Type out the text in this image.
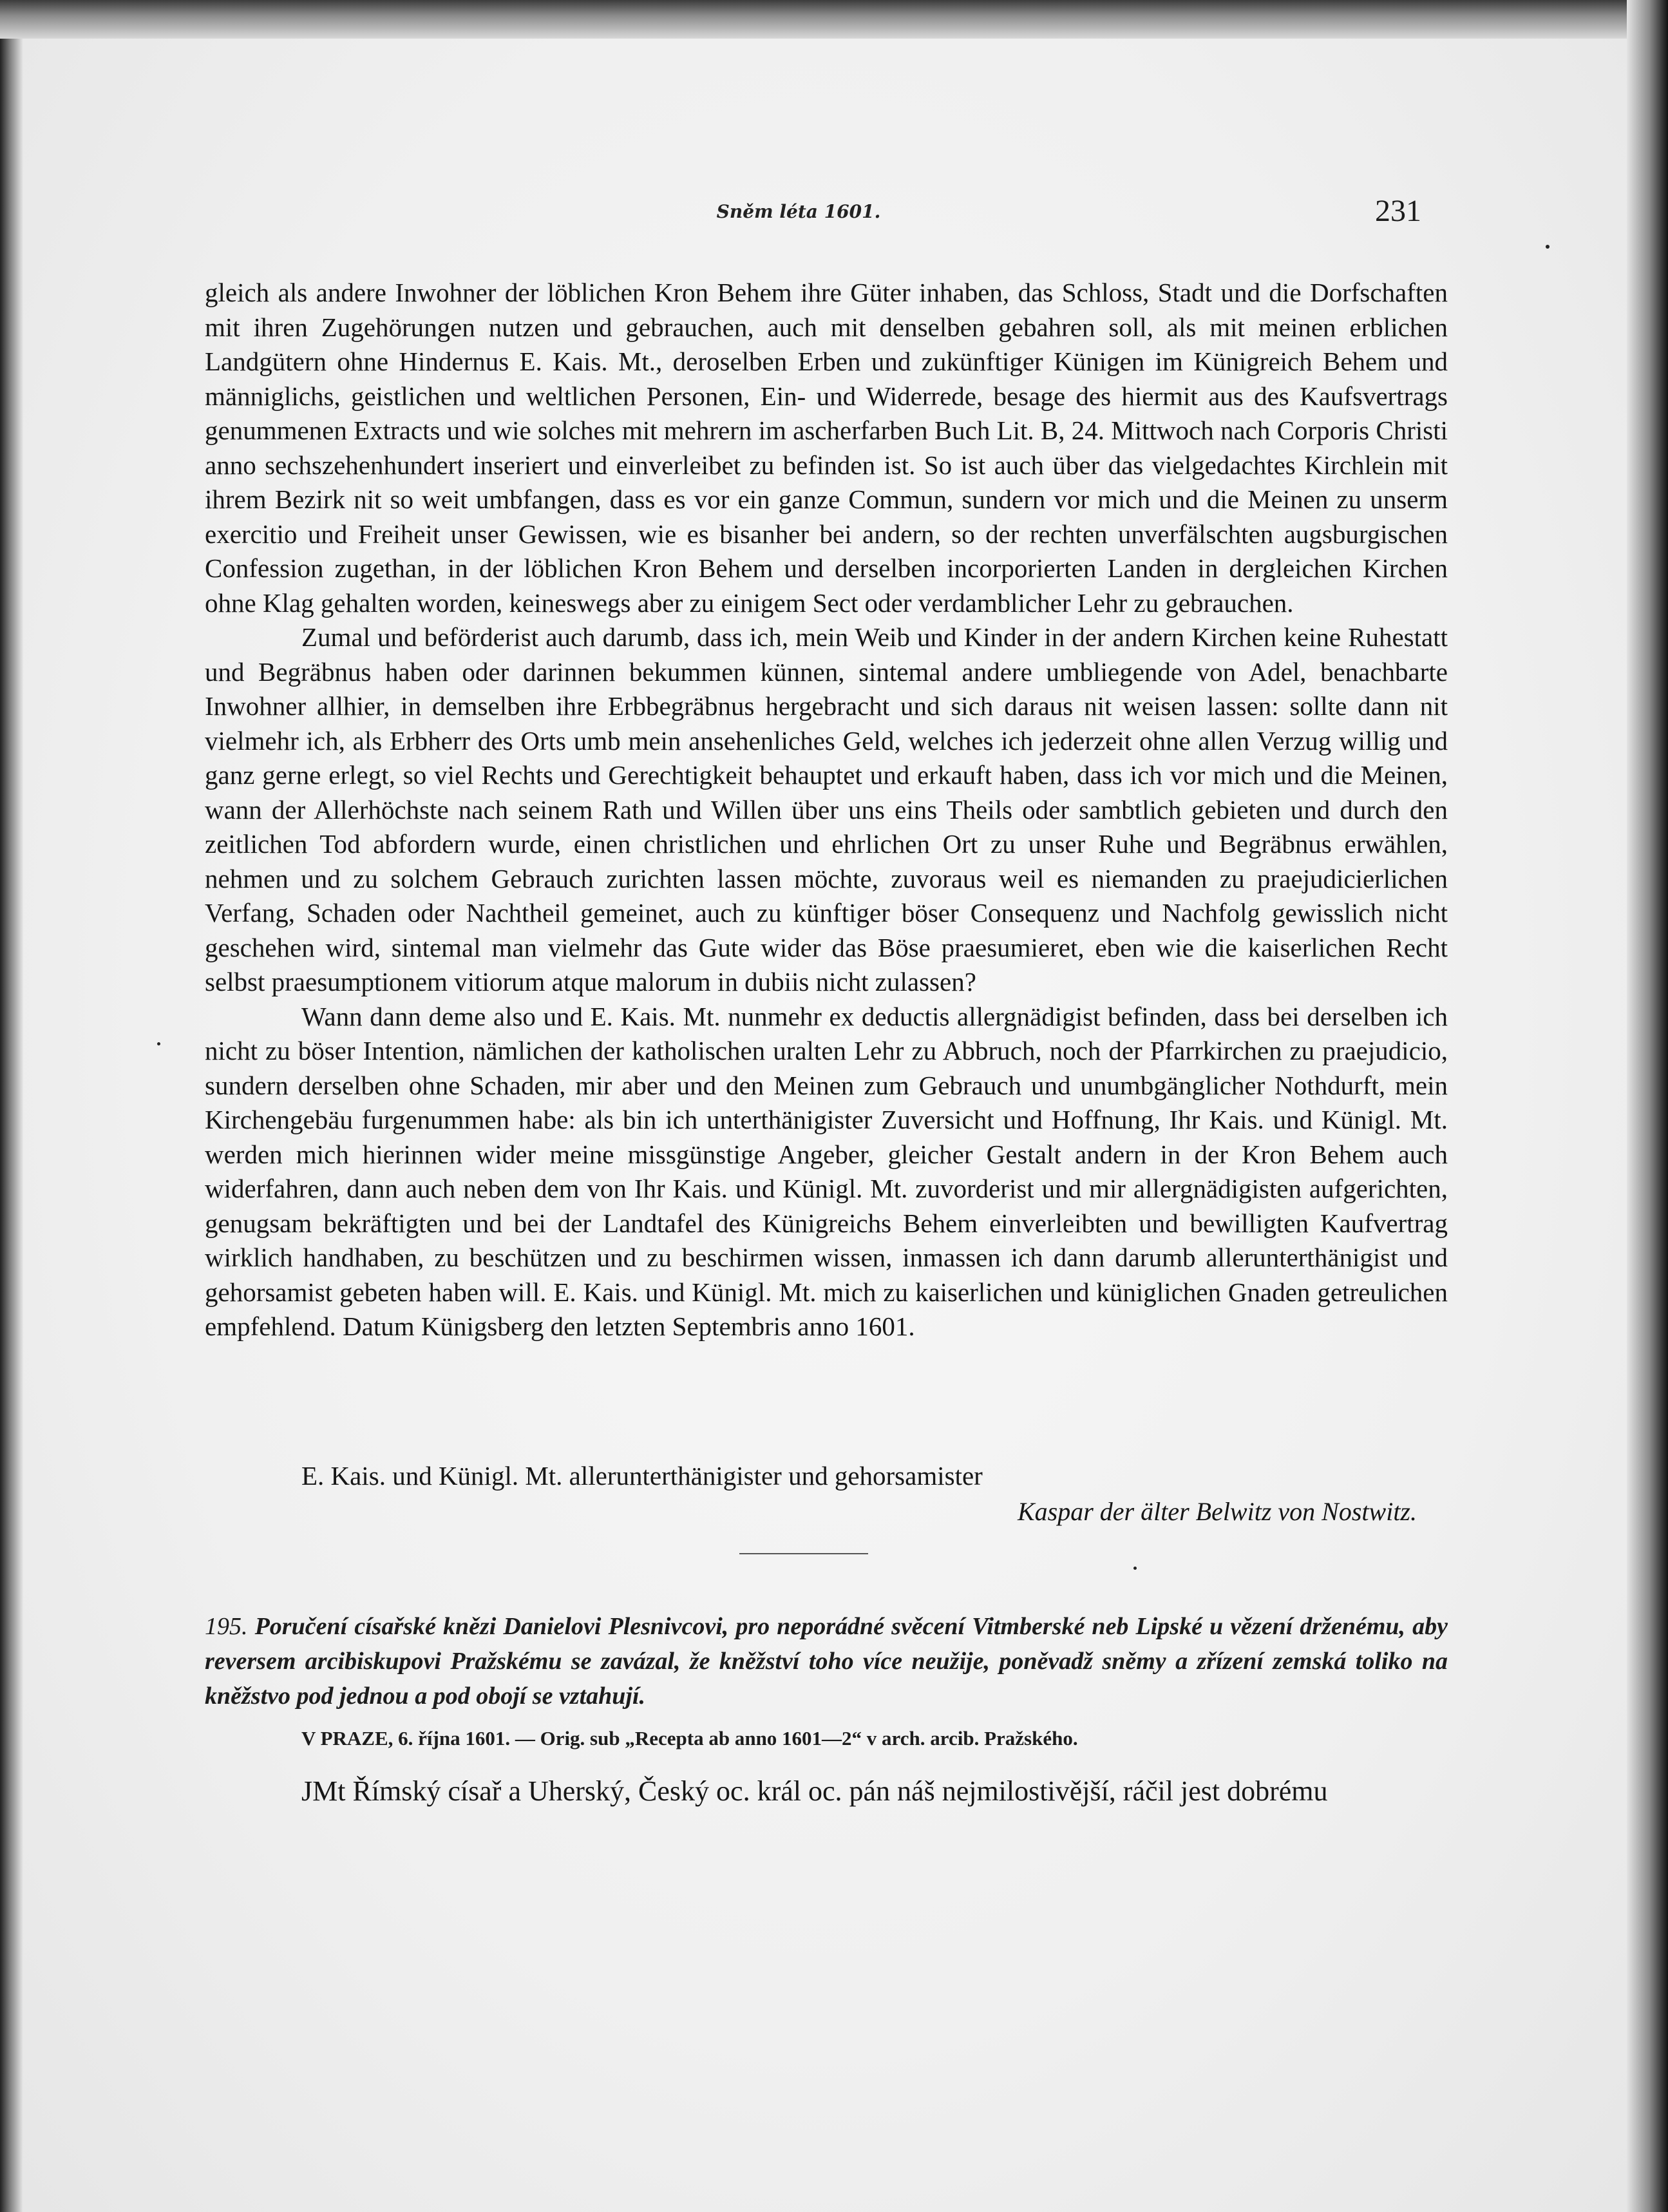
Sněm léta 1601.	231

gleich als andere Inwohner der löblichen Kron Behem ihre Güter inhaben, das Schloss, Stadt und die Dorfschaften mit ihren Zugehörungen nutzen und gebrauchen, auch mit denselben gebahren soll, als mit meinen erblichen Landgütern ohne Hindernus E. Kais. Mt., deroselben Erben und zukünftiger Künigen im Künigreich Behem und männiglichs, geistlichen und weltlichen Personen, Ein- und Widerrede, besage des hiermit aus des Kaufsvertrags genummenen Extracts und wie solches mit mehrern im ascherfarben Buch Lit. B, 24. Mittwoch nach Corporis Christi anno sechszehenhundert inseriert und einverleibet zu befinden ist. So ist auch über das vielgedachtes Kirchlein mit ihrem Bezirk nit so weit umbfangen, dass es vor ein ganze Commun, sundern vor mich und die Meinen zu unserm exercitio und Freiheit unser Gewissen, wie es bisanher bei andern, so der rechten unverfälschten augsburgischen Confession zugethan, in der löblichen Kron Behem und derselben incorporierten Landen in dergleichen Kirchen ohne Klag gehalten worden, keineswegs aber zu einigem Sect oder verdamblicher Lehr zu gebrauchen.

Zumal und beförderist auch darumb, dass ich, mein Weib und Kinder in der andern Kirchen keine Ruhestatt und Begräbnus haben oder darinnen bekummen künnen, sintemal andere umbliegende von Adel, benachbarte Inwohner allhier, in demselben ihre Erbbegräbnus hergebracht und sich daraus nit weisen lassen: sollte dann nit vielmehr ich, als Erbherr des Orts umb mein ansehenliches Geld, welches ich jederzeit ohne allen Verzug willig und ganz gerne erlegt, so viel Rechts und Gerechtigkeit behauptet und erkauft haben, dass ich vor mich und die Meinen, wann der Allerhöchste nach seinem Rath und Willen über uns eins Theils oder sambtlich gebieten und durch den zeitlichen Tod abfordern wurde, einen christlichen und ehrlichen Ort zu unser Ruhe und Begräbnus erwählen, nehmen und zu solchem Gebrauch zurichten lassen möchte, zuvoraus weil es niemanden zu praejudicierlichen Verfang, Schaden oder Nachtheil gemeinet, auch zu künftiger böser Consequenz und Nachfolg gewisslich nicht geschehen wird, sintemal man vielmehr das Gute wider das Böse praesumieret, eben wie die kaiserlichen Recht selbst praesumptionem vitiorum atque malorum in dubiis nicht zulassen?

Wann dann deme also und E. Kais. Mt. nunmehr ex deductis allergnädigist befinden, dass bei derselben ich nicht zu böser Intention, nämlichen der katholischen uralten Lehr zu Abbruch, noch der Pfarrkirchen zu praejudicio, sundern derselben ohne Schaden, mir aber und den Meinen zum Gebrauch und unumbgänglicher Nothdurft, mein Kirchengebäu furgenummen habe: als bin ich unterthänigister Zuversicht und Hoffnung, Ihr Kais. und Künigl. Mt. werden mich hierinnen wider meine missgünstige Angeber, gleicher Gestalt andern in der Kron Behem auch widerfahren, dann auch neben dem von Ihr Kais. und Künigl. Mt. zuvorderist und mir allergnädigisten aufgerichten, genugsam bekräftigten und bei der Landtafel des Künigreichs Behem einverleibten und bewilligten Kaufvertrag wirklich handhaben, zu beschützen und zu beschirmen wissen, inmassen ich dann darumb allerunterthänigist und gehorsamist gebeten haben will. E. Kais. und Künigl. Mt. mich zu kaiserlichen und küniglichen Gnaden getreulichen empfehlend. Datum Künigsberg den letzten Septembris anno 1601.

E. Kais. und Künigl. Mt. allerunterthänigister und gehorsamister
Kaspar der älter Belwitz von Nostwitz.
195. Poručení císařské knězi Danielovi Plesnivcovi, pro neporádné svěcení Vitmberské neb Lipské u vězení drženému, aby reversem arcibiskupovi Pražskému se zavázal, že kněžství toho více neužije, poněvadž sněmy a zřízení zemská toliko na kněžstvo pod jednou a pod obojí se vztahují.
V PRAZE, 6. října 1601. — Orig. sub „Recepta ab anno 1601—2“ v arch. arcib. Pražského.
JMt Římský císař a Uherský, Český oc. král oc. pán náš nejmilostivější, ráčil jest dobrému
